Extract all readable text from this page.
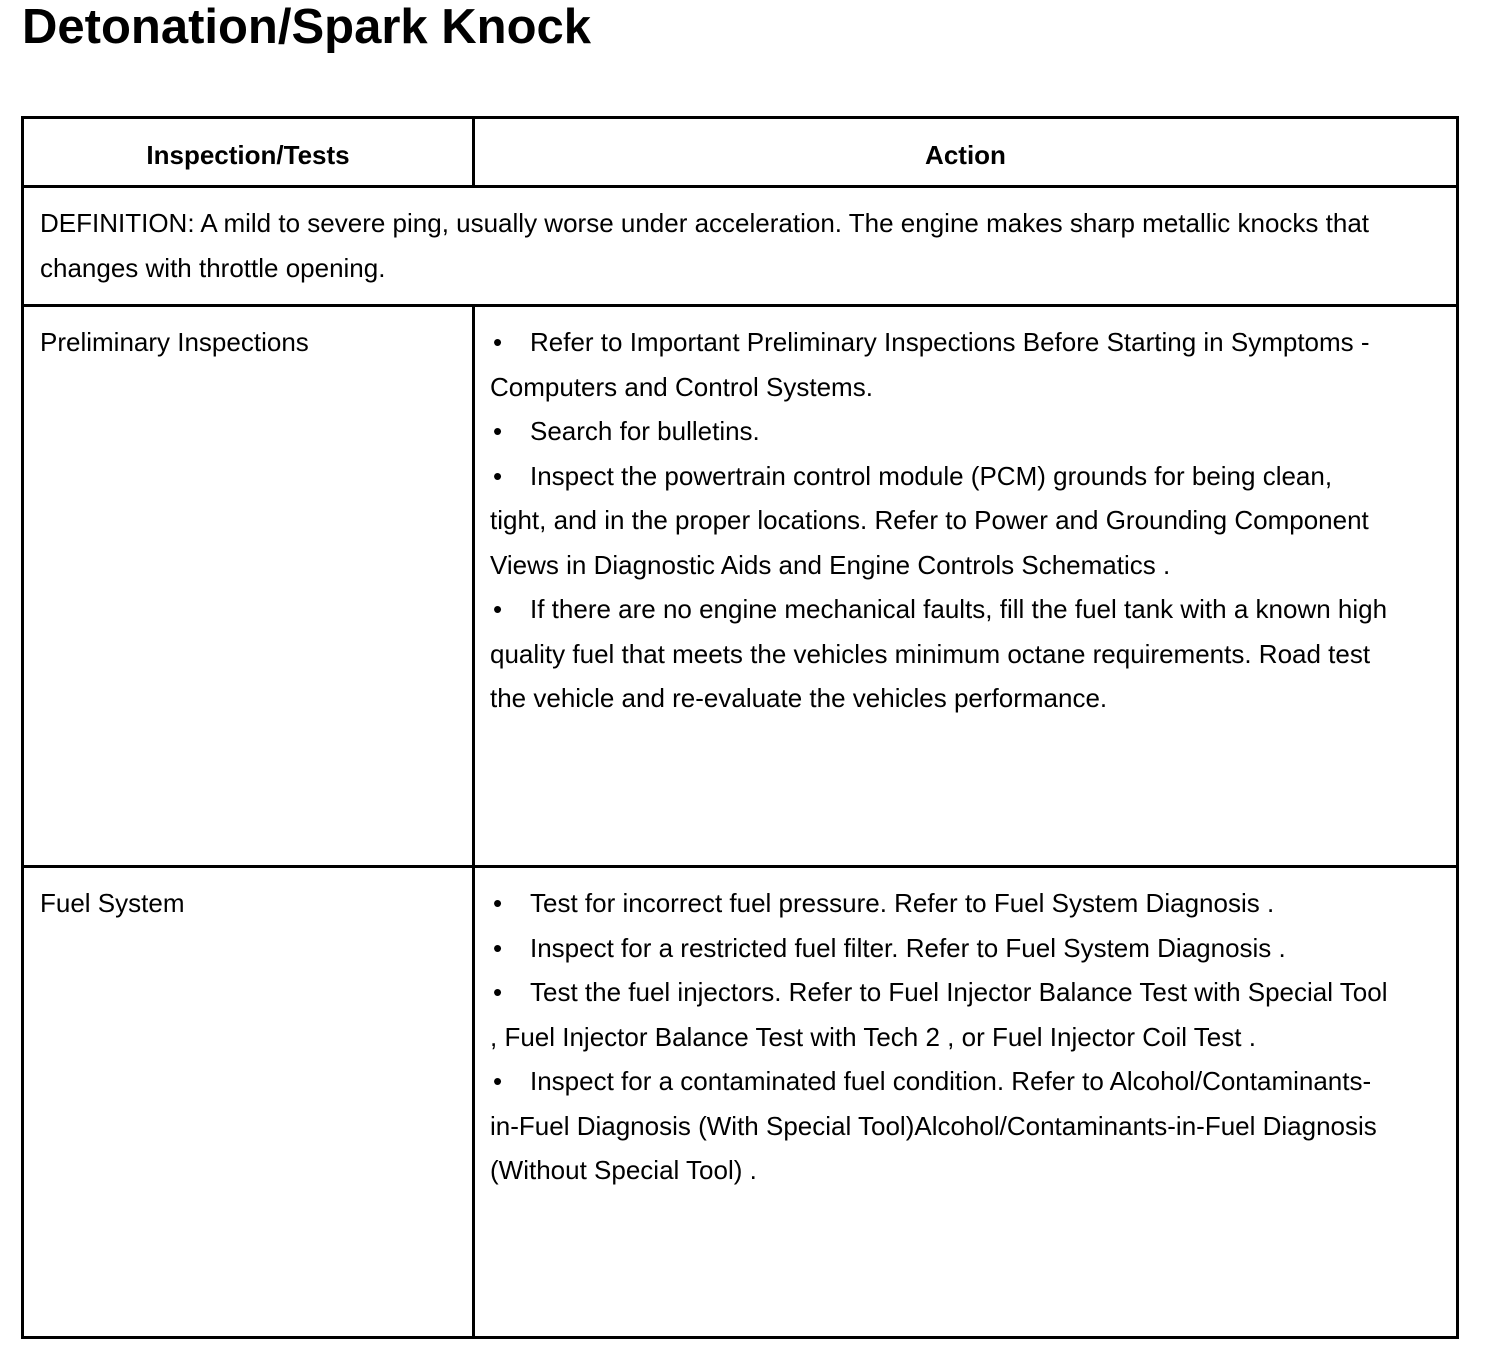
Detonation/Spark Knock
Inspection/Tests	Action

DEFINITION: A mild to severe ping, usually worse under acceleration. The engine makes sharp metallic knocks that changes with throttle opening.

Preliminary Inspections	• Refer to Important Preliminary Inspections Before Starting in Symptoms - Computers and Control Systems.
• Search for bulletins.
• Inspect the powertrain control module (PCM) grounds for being clean, tight, and in the proper locations. Refer to Power and Grounding Component Views in Diagnostic Aids and Engine Controls Schematics .
• If there are no engine mechanical faults, fill the fuel tank with a known high quality fuel that meets the vehicles minimum octane requirements. Road test the vehicle and re-evaluate the vehicles performance.
Fuel System	• Test for incorrect fuel pressure. Refer to Fuel System Diagnosis .
• Inspect for a restricted fuel filter. Refer to Fuel System Diagnosis .
• Test the fuel injectors. Refer to Fuel Injector Balance Test with Special Tool , Fuel Injector Balance Test with Tech 2 , or Fuel Injector Coil Test .
• Inspect for a contaminated fuel condition. Refer to Alcohol/Contaminants-in-Fuel Diagnosis (With Special Tool)Alcohol/Contaminants-in-Fuel Diagnosis (Without Special Tool) .
